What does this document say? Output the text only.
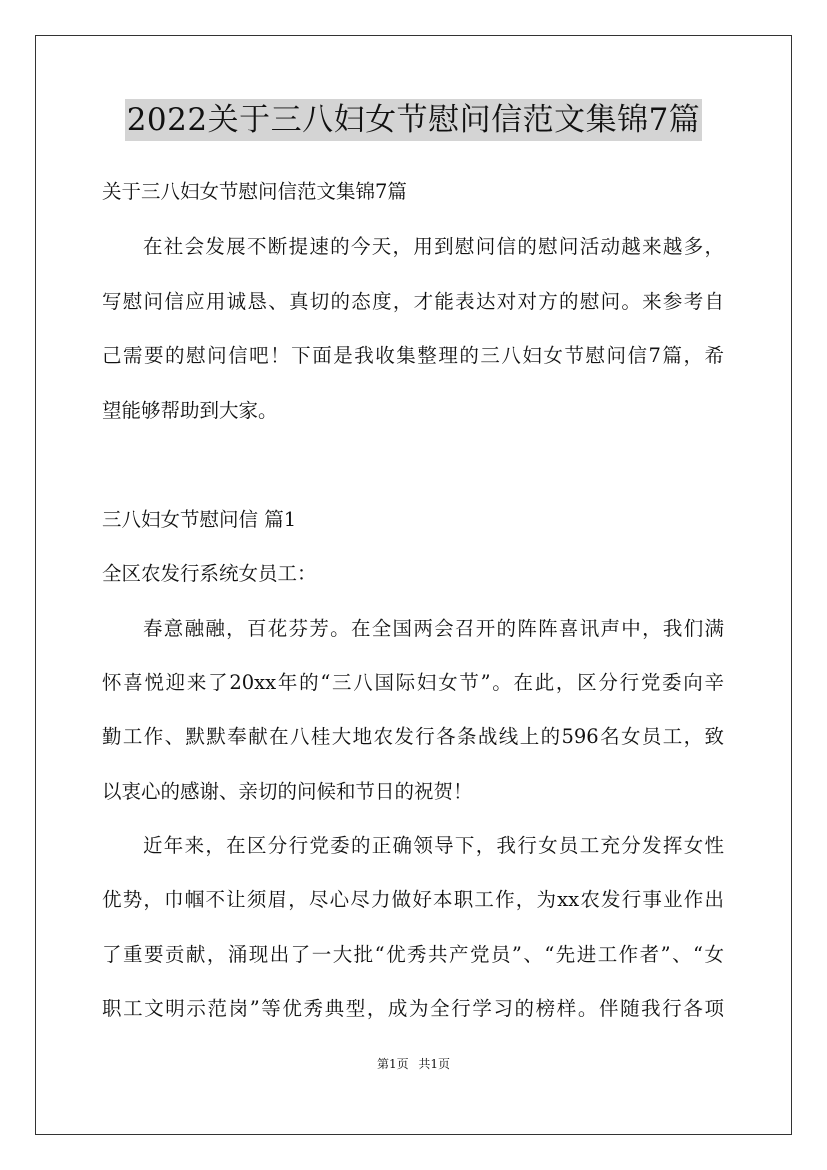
2022关于三八妇女节慰问信范文集锦7篇
关于三八妇女节慰问信范文集锦7篇
在社会发展不断提速的今天，用到慰问信的慰问活动越来越多，
写慰问信应用诚恳、真切的态度，才能表达对对方的慰问。来参考自
己需要的慰问信吧！下面是我收集整理的三八妇女节慰问信7篇，希
望能够帮助到大家。
三八妇女节慰问信 篇1
全区农发行系统女员工：
春意融融，百花芬芳。在全国两会召开的阵阵喜讯声中，我们满
怀喜悦迎来了20xx年的“三八国际妇女节”。在此，区分行党委向辛
勤工作、默默奉献在八桂大地农发行各条战线上的596名女员工，致
以衷心的感谢、亲切的问候和节日的祝贺！
近年来，在区分行党委的正确领导下，我行女员工充分发挥女性
优势，巾帼不让须眉，尽心尽力做好本职工作，为xx农发行事业作出
了重要贡献，涌现出了一大批“优秀共产党员”、“先进工作者”、“女
职工文明示范岗”等优秀典型，成为全行学习的榜样。伴随我行各项
第1页 共1页
